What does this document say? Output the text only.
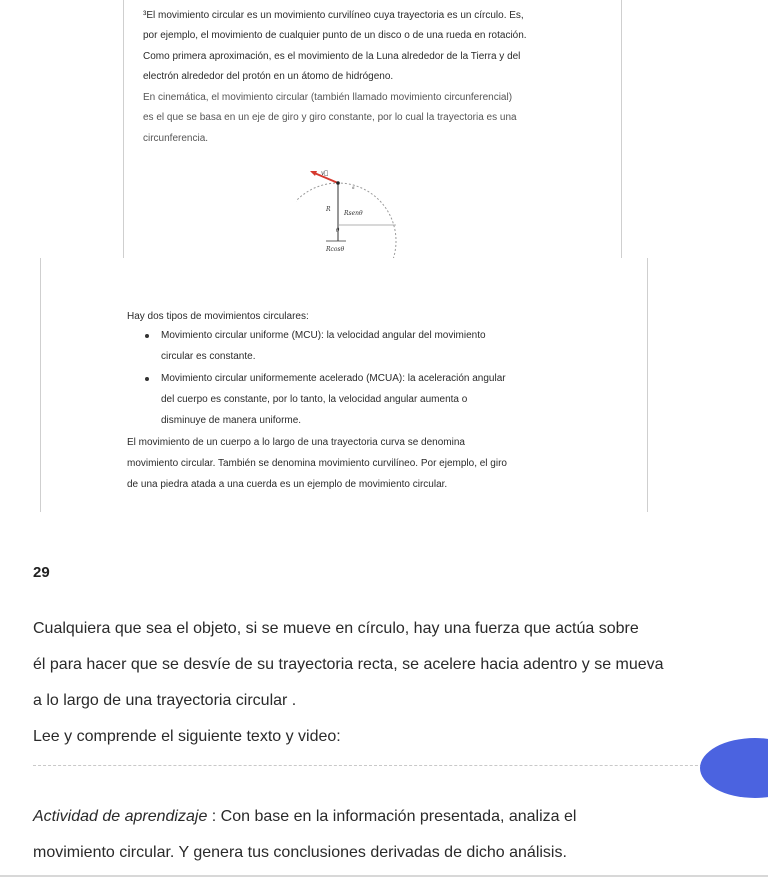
³El movimiento circular es un movimiento curvilíneo cuya trayectoria es un círculo. Es,
por ejemplo, el movimiento de cualquier punto de un disco o de una rueda en rotación.
Como primera aproximación, es el movimiento de la Luna alrededor de la Tierra y del
electrón alrededor del protón en un átomo de hidrógeno.
En cinemática, el movimiento circular (también llamado movimiento circunferencial)
es el que se basa en un eje de giro y giro constante, por lo cual la trayectoria es una
circunferencia.
v⃗
s
R
Rsenθ
θ
Rcosθ
Hay dos tipos de movimientos circulares:
Movimiento circular uniforme (MCU): la velocidad angular del movimiento
circular es constante.
Movimiento circular uniformemente acelerado (MCUA): la aceleración angular
del cuerpo es constante, por lo tanto, la velocidad angular aumenta o
disminuye de manera uniforme.
El movimiento de un cuerpo a lo largo de una trayectoria curva se denomina
movimiento circular. También se denomina movimiento curvilíneo. Por ejemplo, el giro
de una piedra atada a una cuerda es un ejemplo de movimiento circular.
29
Cualquiera que sea el objeto, si se mueve en círculo, hay una fuerza que actúa sobre
él para hacer que se desvíe de su trayectoria recta, se acelere hacia adentro y se mueva
a lo largo de una trayectoria circular .
Lee y comprende el siguiente texto y video:
Actividad de aprendizaje : Con base en la información presentada, analiza el
movimiento circular. Y genera tus conclusiones derivadas de dicho análisis.
